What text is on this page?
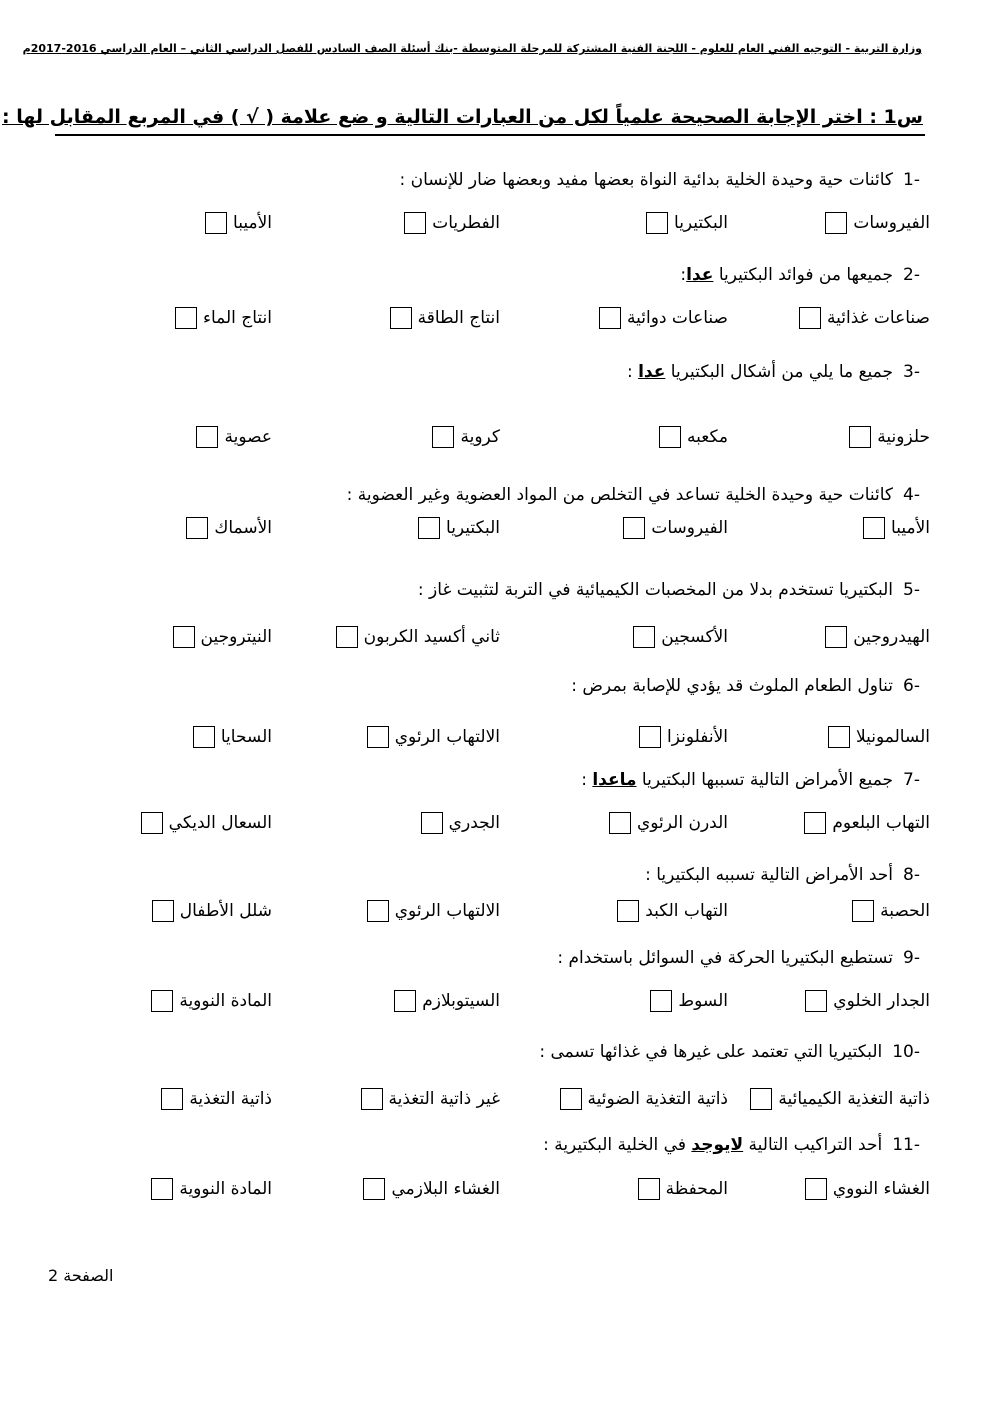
وزارة التربية - التوجيه الفني العام للعلوم - اللجنة الفنية المشتركة للمرحلة المتوسطة -بنك أسئلة الصف السادس للفصل الدراسي الثاني – العام الدراسي 2016-2017م
س1 : اختر الإجابة الصحيحة علمياً لكل من العبارات التالية و ضع علامة ( √ ) في المربع المقابل لها :
-1كائنات حية وحيدة الخلية بدائية النواة بعضها مفيد وبعضها ضار للإنسان :
الفيروسات
البكتيريا
الفطريات
الأميبا
-2جميعها من فوائد البكتيريا عدا:
صناعات غذائية
صناعات دوائية
انتاج الطاقة
انتاج الماء
-3جميع ما يلي من أشكال البكتيريا عدا :
حلزونية
مكعبه
كروية
عصوية
-4كائنات حية وحيدة الخلية تساعد في التخلص من المواد العضوية وغير العضوية :
الأميبا
الفيروسات
البكتيريا
الأسماك
-5البكتيريا تستخدم بدلا من المخصبات الكيميائية في التربة لتثبيت غاز :
الهيدروجين
الأكسجين
ثاني أكسيد الكربون
النيتروجين
-6تناول الطعام الملوث قد يؤدي للإصابة بمرض :
السالمونيلا
الأنفلونزا
الالتهاب الرئوي
السحايا
-7جميع الأمراض التالية تسببها البكتيريا ماعدا :
التهاب البلعوم
الدرن الرئوي
الجدري
السعال الديكي
-8أحد الأمراض التالية تسببه البكتيريا :
الحصبة
التهاب الكبد
الالتهاب الرئوي
شلل الأطفال
-9تستطيع البكتيريا الحركة في السوائل باستخدام :
الجدار الخلوي
السوط
السيتوبلازم
المادة النووية
-10البكتيريا التي تعتمد على غيرها في غذائها تسمى :
ذاتية التغذية الكيميائية
ذاتية التغذية الضوئية
غير ذاتية التغذية
ذاتية التغذية
-11أحد التراكيب التالية لايوجد في الخلية البكتيرية :
الغشاء النووي
المحفظة
الغشاء البلازمي
المادة النووية
الصفحة 2
